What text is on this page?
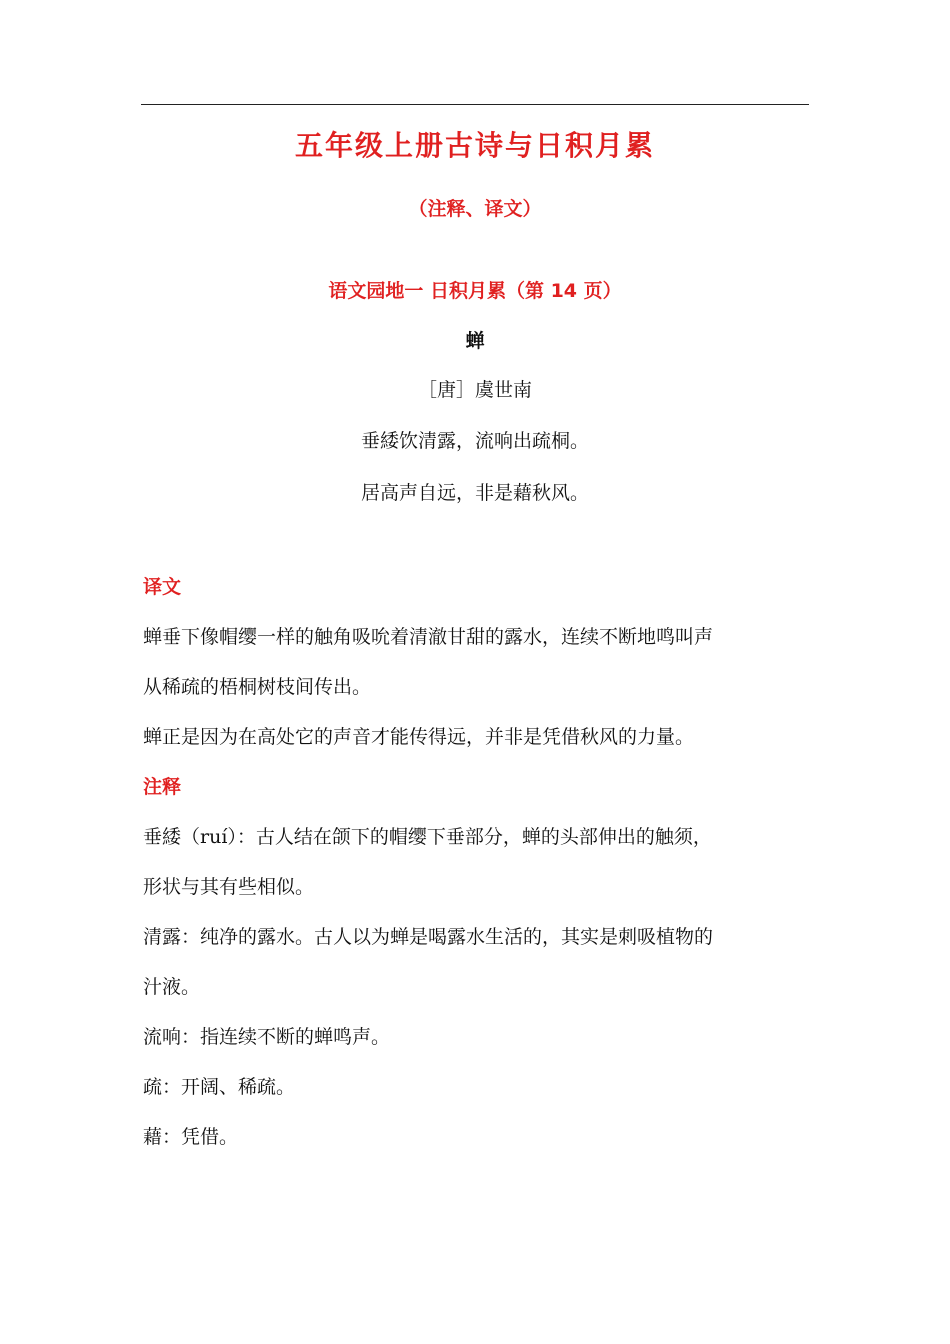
五年级上册古诗与日积月累
（注释、译文）
语文园地一 日积月累（第 14 页）
蝉
［唐］虞世南
垂緌饮清露，流响出疏桐。
居高声自远，非是藉秋风。
译文
蝉垂下像帽缨一样的触角吸吮着清澈甘甜的露水，连续不断地鸣叫声
从稀疏的梧桐树枝间传出。
蝉正是因为在高处它的声音才能传得远，并非是凭借秋风的力量。
注释
垂緌（ruí）：古人结在颌下的帽缨下垂部分，蝉的头部伸出的触须，
形状与其有些相似。
清露：纯净的露水。古人以为蝉是喝露水生活的，其实是刺吸植物的
汁液。
流响：指连续不断的蝉鸣声。
疏：开阔、稀疏。
藉：凭借。
